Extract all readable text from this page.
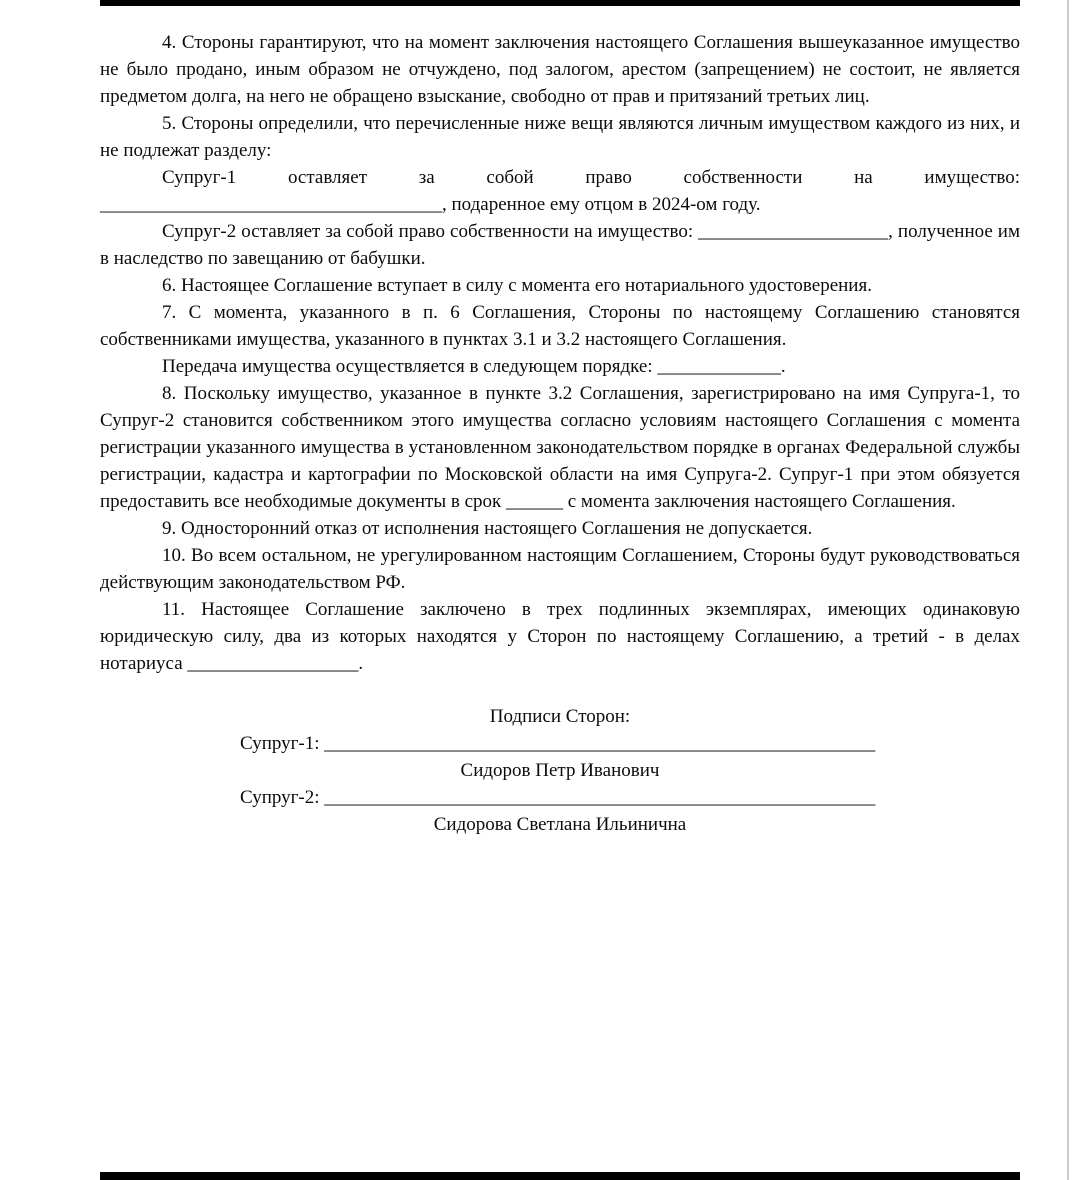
4. Стороны гарантируют, что на момент заключения настоящего Соглашения вышеуказанное имущество не было продано, иным образом не отчуждено, под залогом, арестом (запрещением) не состоит, не является предметом долга, на него не обращено взыскание, свободно от прав и притязаний третьих лиц.

5. Стороны определили, что перечисленные ниже вещи являются личным имуществом каждого из них, и не подлежат разделу:

Супруг-1 оставляет за собой право собственности на имущество: ____________________________________, подаренное ему отцом в 2024-ом году.

Супруг-2 оставляет за собой право собственности на имущество: ____________________, полученное им в наследство по завещанию от бабушки.

6. Настоящее Соглашение вступает в силу с момента его нотариального удостоверения.

7. С момента, указанного в п. 6 Соглашения, Стороны по настоящему Соглашению становятся собственниками имущества, указанного в пунктах 3.1 и 3.2 настоящего Соглашения.

Передача имущества осуществляется в следующем порядке: _____________.

8. Поскольку имущество, указанное в пункте 3.2 Соглашения, зарегистрировано на имя Супруга-1, то Супруг-2 становится собственником этого имущества согласно условиям настоящего Соглашения с момента регистрации указанного имущества в установленном законодательством порядке в органах Федеральной службы регистрации, кадастра и картографии по Московской области на имя Супруга-2. Супруг-1 при этом обязуется предоставить все необходимые документы в срок ______ с момента заключения настоящего Соглашения.

9. Односторонний отказ от исполнения настоящего Соглашения не допускается.

10. Во всем остальном, не урегулированном настоящим Соглашением, Стороны будут руководствоваться действующим законодательством РФ.

11. Настоящее Соглашение заключено в трех подлинных экземплярах, имеющих одинаковую юридическую силу, два из которых находятся у Сторон по настоящему Соглашению, а третий - в делах нотариуса __________________.

Подписи Сторон:

Супруг-1: __________________________________________________________

Сидоров Петр Иванович

Супруг-2: __________________________________________________________

Сидорова Светлана Ильинична
